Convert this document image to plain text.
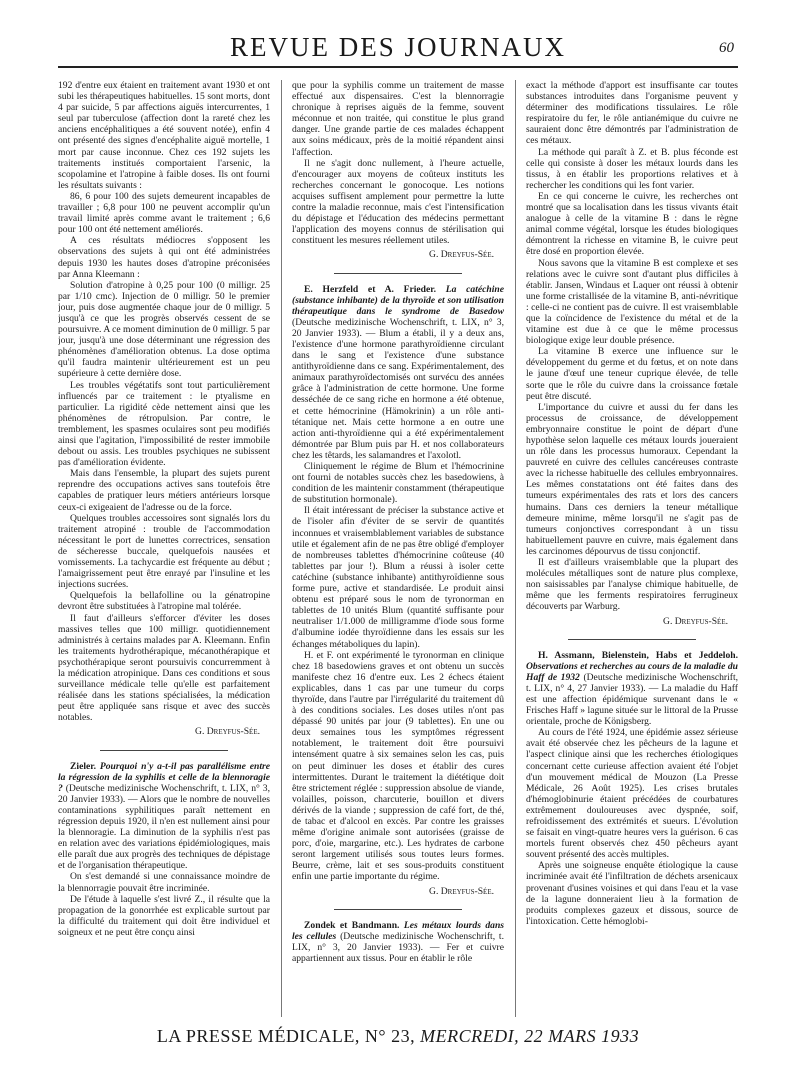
REVUE DES JOURNAUX	60

192 d'entre eux étaient en traitement avant 1930 et ont subi les thérapeutiques habituelles. 15 sont morts, dont 4 par suicide, 5 par affections aiguës intercurrentes, 1 seul par tuberculose (affection dont la rareté chez les anciens encéphalitiques a été souvent notée), enfin 4 ont présenté des signes d'encéphalite aiguë mortelle, 1 mort par cause inconnue. Chez ces 192 sujets les traitements institués comportaient l'arsenic, la scopolamine et l'atropine à faible doses. Ils ont fourni les résultats suivants :

86, 6 pour 100 des sujets demeurent incapables de travailler ; 6,8 pour 100 ne peuvent accomplir qu'un travail limité après comme avant le traitement ; 6,6 pour 100 ont été nettement améliorés.

A ces résultats médiocres s'opposent les observations des sujets à qui ont été administrées depuis 1930 les hautes doses d'atropine préconisées par Anna Kleemann :

Solution d'atropine à 0,25 pour 100 (0 milligr. 25 par 1/10 cmc). Injection de 0 milligr. 50 le premier jour, puis dose augmentée chaque jour de 0 milligr. 5 jusqu'à ce que les progrès observés cessent de se poursuivre. A ce moment diminution de 0 milligr. 5 par jour, jusqu'à une dose déterminant une régression des phénomènes d'amélioration obtenus. La dose optima qu'il faudra maintenir ultérieurement est un peu supérieure à cette dernière dose.

Les troubles végétatifs sont tout particulièrement influencés par ce traitement : le ptyalisme en particulier. La rigidité cède nettement ainsi que les phénomènes de rétropulsion. Par contre, le tremblement, les spasmes oculaires sont peu modifiés ainsi que l'agitation, l'impossibilité de rester immobile debout ou assis. Les troubles psychiques ne subissent pas d'amélioration évidente.

Mais dans l'ensemble, la plupart des sujets purent reprendre des occupations actives sans toutefois être capables de pratiquer leurs métiers antérieurs lorsque ceux-ci exigeaient de l'adresse ou de la force.

Quelques troubles accessoires sont signalés lors du traitement atropiné : trouble de l'accommodation nécessitant le port de lunettes correctrices, sensation de sécheresse buccale, quelquefois nausées et vomissements. La tachycardie est fréquente au début ; l'amaigrissement peut être enrayé par l'insuline et les injections sucrées.

Quelquefois la bellafolline ou la génatropine devront être substituées à l'atropine mal tolérée.

Il faut d'ailleurs s'efforcer d'éviter les doses massives telles que 100 milligr. quotidiennement administrés à certains malades par A. Kleemann. Enfin les traitements hydrothérapique, mécanothérapique et psychothérapique seront poursuivis concurremment à la médication atropinique. Dans ces conditions et sous surveillance médicale telle qu'elle est parfaitement réalisée dans les stations spécialisées, la médication peut être appliquée sans risque et avec des succès notables.

G. Dreyfus-Sée.

Zieler. Pourquoi n'y a-t-il pas parallélisme entre la régression de la syphilis et celle de la blennoragie ? (Deutsche medizinische Wochenschrift, t. LIX, n° 3, 20 Janvier 1933). — Alors que le nombre de nouvelles contaminations syphilitiques paraît nettement en régression depuis 1920, il n'en est nullement ainsi pour la blennoragie. La diminution de la syphilis n'est pas en relation avec des variations épidémiologiques, mais elle paraît due aux progrès des techniques de dépistage et de l'organisation thérapeutique.

On s'est demandé si une connaissance moindre de la blennorragie pouvait être incriminée.

De l'étude à laquelle s'est livré Z., il résulte que la propagation de la gonorrhée est explicable surtout par la difficulté du traitement qui doit être individuel et soigneux et ne peut être conçu ainsi

que pour la syphilis comme un traitement de masse effectué aux dispensaires. C'est la blennorragie chronique à reprises aiguës de la femme, souvent méconnue et non traitée, qui constitue le plus grand danger. Une grande partie de ces malades échappent aux soins médicaux, près de la moitié répandent ainsi l'affection.

Il ne s'agit donc nullement, à l'heure actuelle, d'encourager aux moyens de coûteux instituts les recherches concernant le gonocoque. Les notions acquises suffisent amplement pour permettre la lutte contre la maladie reconnue, mais c'est l'intensification du dépistage et l'éducation des médecins permettant l'application des moyens connus de stérilisation qui constituent les mesures réellement utiles.

G. Dreyfus-Sée.

E. Herzfeld et A. Frieder. La catéchine (substance inhibante) de la thyroïde et son utilisation thérapeutique dans le syndrome de Basedow (Deutsche medizinische Wochenschrift, t. LIX, n° 3, 20 Janvier 1933). — Blum a établi, il y a deux ans, l'existence d'une hormone parathyroïdienne circulant dans le sang et l'existence d'une substance antithyroïdienne dans ce sang. Expérimentalement, des animaux parathyroïdectomisés ont survécu des années grâce à l'administration de cette hormone. Une forme desséchée de ce sang riche en hormone a été obtenue, et cette hémocrinine (Hämokrinin) a un rôle anti-tétanique net. Mais cette hormone a en outre une action anti-thyroïdienne qui a été expérimentalement démontrée par Blum puis par H. et nos collaborateurs chez les têtards, les salamandres et l'axolotl.

Cliniquement le régime de Blum et l'hémocrinine ont fourni de notables succès chez les basedowiens, à condition de les maintenir constamment (thérapeutique de substitution hormonale).

Il était intéressant de préciser la substance active et de l'isoler afin d'éviter de se servir de quantités inconnues et vraisemblablement variables de substance utile et également afin de ne pas être obligé d'employer de nombreuses tablettes d'hémocrinine coûteuse (40 tablettes par jour !). Blum a réussi à isoler cette catéchine (substance inhibante) antithyroïdienne sous forme pure, active et standardisée. Le produit ainsi obtenu est préparé sous le nom de tyronorman en tablettes de 10 unités Blum (quantité suffisante pour neutraliser 1/1.000 de milligramme d'iode sous forme d'albumine iodée thyroïdienne dans les essais sur les échanges métaboliques du lapin).

H. et F. ont expérimenté le tyronorman en clinique chez 18 basedowiens graves et ont obtenu un succès manifeste chez 16 d'entre eux. Les 2 échecs étaient explicables, dans 1 cas par une tumeur du corps thyroïde, dans l'autre par l'irrégularité du traitement dû à des conditions sociales. Les doses utiles n'ont pas dépassé 90 unités par jour (9 tablettes). En une ou deux semaines tous les symptômes régressent notablement, le traitement doit être poursuivi intensément quatre à six semaines selon les cas, puis on peut diminuer les doses et établir des cures intermittentes. Durant le traitement la diététique doit être strictement réglée : suppression absolue de viande, volailles, poisson, charcuterie, bouillon et divers dérivés de la viande ; suppression de café fort, de thé, de tabac et d'alcool en excès. Par contre les graisses même d'origine animale sont autorisées (graisse de porc, d'oie, margarine, etc.). Les hydrates de carbone seront largement utilisés sous toutes leurs formes. Beurre, crème, lait et ses sous-produits constituent enfin une partie importante du régime.

G. Dreyfus-Sée.

Zondek et Bandmann. Les métaux lourds dans les cellules (Deutsche medizinische Wochenschrift, t. LIX, n° 3, 20 Janvier 1933). — Fer et cuivre appartiennent aux tissus. Pour en établir le rôle

exact la méthode d'apport est insuffisante car toutes substances introduites dans l'organisme peuvent y déterminer des modifications tissulaires. Le rôle respiratoire du fer, le rôle antianémique du cuivre ne sauraient donc être démontrés par l'administration de ces métaux.

La méthode qui paraît à Z. et B. plus féconde est celle qui consiste à doser les métaux lourds dans les tissus, à en établir les proportions relatives et à rechercher les conditions qui les font varier.

En ce qui concerne le cuivre, les recherches ont montré que sa localisation dans les tissus vivants était analogue à celle de la vitamine B : dans le règne animal comme végétal, lorsque les études biologiques démontrent la richesse en vitamine B, le cuivre peut être dosé en proportion élevée.

Nous savons que la vitamine B est complexe et ses relations avec le cuivre sont d'autant plus difficiles à établir. Jansen, Windaus et Laquer ont réussi à obtenir une forme cristallisée de la vitamine B, anti-névritique : celle-ci ne contient pas de cuivre. Il est vraisemblable que la coïncidence de l'existence du métal et de la vitamine est due à ce que le même processus biologique exige leur double présence.

La vitamine B exerce une influence sur le développement du germe et du fœtus, et on note dans le jaune d'œuf une teneur cuprique élevée, de telle sorte que le rôle du cuivre dans la croissance fœtale peut être discuté.

L'importance du cuivre et aussi du fer dans les processus de croissance, de développement embryonnaire constitue le point de départ d'une hypothèse selon laquelle ces métaux lourds joueraient un rôle dans les processus humoraux. Cependant la pauvreté en cuivre des cellules cancéreuses contraste avec la richesse habituelle des cellules embryonnaires. Les mêmes constatations ont été faites dans des tumeurs expérimentales des rats et lors des cancers humains. Dans ces derniers la teneur métallique demeure minime, même lorsqu'il ne s'agit pas de tumeurs conjonctives correspondant à un tissu habituellement pauvre en cuivre, mais également dans les carcinomes dépourvus de tissu conjonctif.

Il est d'ailleurs vraisemblable que la plupart des molécules métalliques sont de nature plus complexe, non saisissables par l'analyse chimique habituelle, de même que les ferments respiratoires ferrugineux découverts par Warburg.

G. Dreyfus-Sée.

H. Assmann, Bielenstein, Habs et Jeddeloh. Observations et recherches au cours de la maladie du Haff de 1932 (Deutsche medizinische Wochenschrift, t. LIX, n° 4, 27 Janvier 1933). — La maladie du Haff est une affection épidémique survenant dans le « Frisches Haff » lagune située sur le littoral de la Prusse orientale, proche de Königsberg.

Au cours de l'été 1924, une épidémie assez sérieuse avait été observée chez les pêcheurs de la lagune et l'aspect clinique ainsi que les recherches étiologiques concernant cette curieuse affection avaient été l'objet d'un mouvement médical de Mouzon (La Presse Médicale, 26 Août 1925). Les crises brutales d'hémoglobinurie étaient précédées de courbatures extrêmement douloureuses avec dyspnée, soif, refroidissement des extrémités et sueurs. L'évolution se faisait en vingt-quatre heures vers la guérison. 6 cas mortels furent observés chez 450 pêcheurs ayant souvent présenté des accès multiples.

Après une soigneuse enquête étiologique la cause incriminée avait été l'infiltration de déchets arsenicaux provenant d'usines voisines et qui dans l'eau et la vase de la lagune donneraient lieu à la formation de produits complexes gazeux et dissous, source de l'intoxication. Cette hémoglobi-

LA PRESSE MÉDICALE, N° 23, MERCREDI, 22 MARS 1933
